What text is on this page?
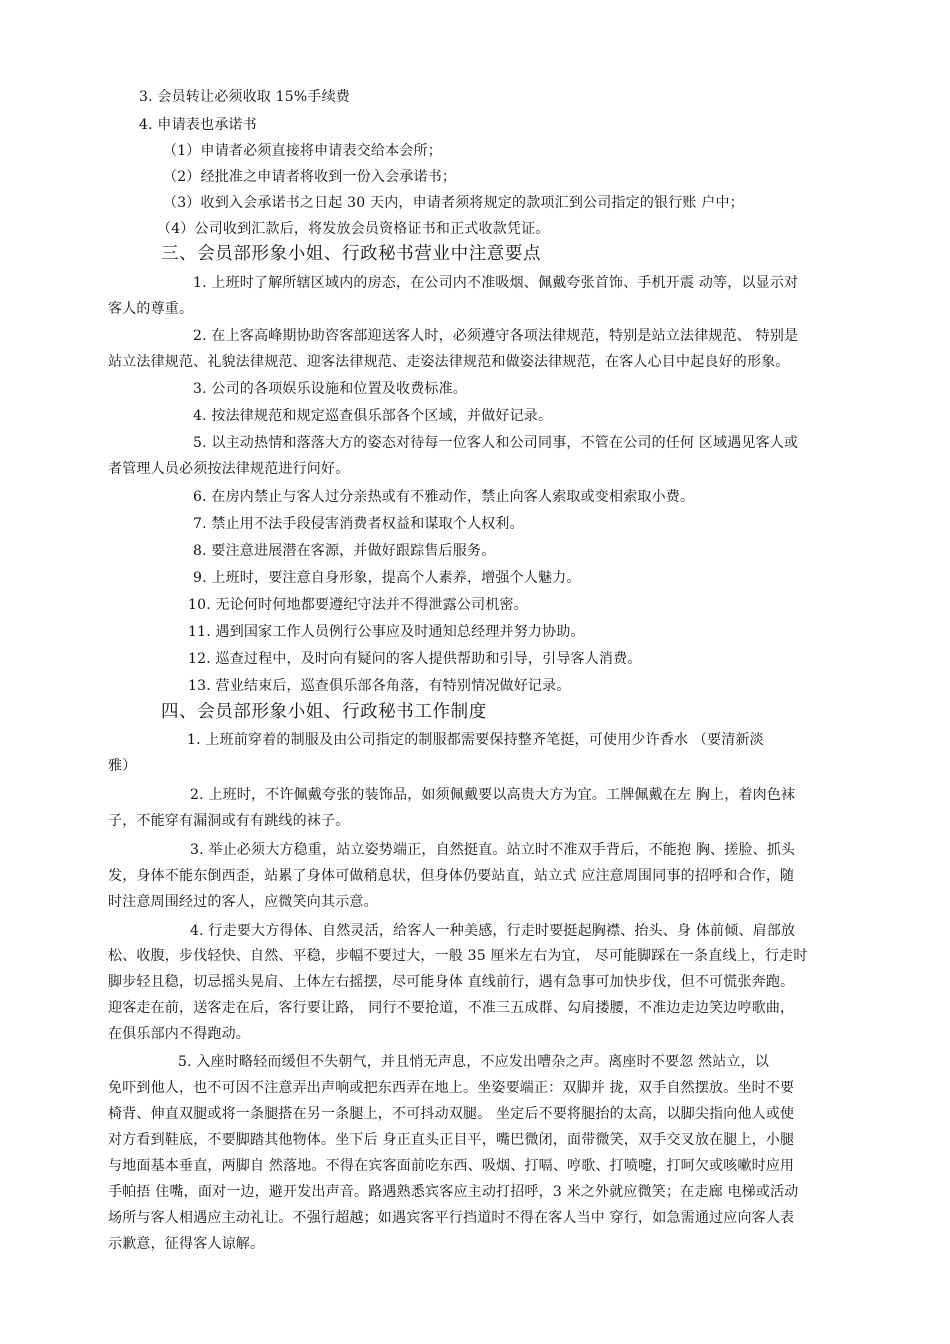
3. 会员转让必须收取 15%手续费
4. 申请表也承诺书
（1）申请者必须直接将申请表交给本会所；
（2）经批准之申请者将收到一份入会承诺书；
（3）收到入会承诺书之日起 30 天内，申请者须将规定的款项汇到公司指定的银行账 户中；
（4）公司收到汇款后，将发放会员资格证书和正式收款凭证。
三、会员部形象小姐、行政秘书营业中注意要点
1. 上班时了解所辖区域内的房态，在公司内不准吸烟、佩戴夸张首饰、手机开震 动等，以显示对
客人的尊重。
2. 在上客高峰期协助咨客部迎送客人时，必须遵守各项法律规范，特别是站立法律规范、 特别是
站立法律规范、礼貌法律规范、迎客法律规范、走姿法律规范和做姿法律规范，在客人心目中起良好的形象。
3. 公司的各项娱乐设施和位置及收费标准。
4. 按法律规范和规定巡查俱乐部各个区域，并做好记录。
5. 以主动热情和落落大方的姿态对待每一位客人和公司同事，不管在公司的任何 区域遇见客人或
者管理人员必须按法律规范进行问好。
6. 在房内禁止与客人过分亲热或有不雅动作，禁止向客人索取或变相索取小费。
7. 禁止用不法手段侵害消费者权益和谋取个人权利。
8. 要注意进展潜在客源，并做好跟踪售后服务。
9. 上班时，要注意自身形象，提高个人素养，增强个人魅力。
10. 无论何时何地都要遵纪守法并不得泄露公司机密。
11. 遇到国家工作人员例行公事应及时通知总经理并努力协助。
12. 巡查过程中，及时向有疑问的客人提供帮助和引导，引导客人消费。
13. 营业结束后，巡查俱乐部各角落，有特别情况做好记录。
四、会员部形象小姐、行政秘书工作制度
1. 上班前穿着的制服及由公司指定的制服都需要保持整齐笔挺，可使用少许香水 （要清新淡
雅）
2. 上班时，不许佩戴夸张的装饰品，如须佩戴要以高贵大方为宜。工牌佩戴在左 胸上，着肉色袜
子，不能穿有漏洞或有有跳线的袜子。
3. 举止必须大方稳重，站立姿势端正，自然挺直。站立时不准双手背后，不能抱 胸、搓脸、抓头
发，身体不能东倒西歪，站累了身体可做稍息状，但身体仍要站直，站立式 应注意周围同事的招呼和合作，随
时注意周围经过的客人，应微笑向其示意。
4. 行走要大方得体、自然灵活，给客人一种美感，行走时要挺起胸襟、抬头、身 体前倾、肩部放
松、收腹，步伐轻快、自然、平稳，步幅不要过大，一般 35 厘米左右为宜， 尽可能脚踩在一条直线上，行走时
脚步轻且稳，切忌摇头晃肩、上体左右摇摆，尽可能身体 直线前行，遇有急事可加快步伐，但不可慌张奔跑。
迎客走在前，送客走在后，客行要让路， 同行不要抢道，不准三五成群、勾肩搂腰，不准边走边笑边哼歌曲，
在俱乐部内不得跑动。
5. 入座时略轻而缓但不失朝气，并且悄无声息，不应发出嘈杂之声。离座时不要忽 然站立，以
免吓到他人，也不可因不注意弄出声响或把东西弄在地上。坐姿要端正：双脚并 拢，双手自然摆放。坐时不要
椅背、伸直双腿或将一条腿搭在另一条腿上，不可抖动双腿。 坐定后不要将腿抬的太高，以脚尖指向他人或使
对方看到鞋底，不要脚踏其他物体。坐下后 身正直头正目平，嘴巴微闭，面带微笑，双手交叉放在腿上，小腿
与地面基本垂直，两脚自 然落地。不得在宾客面前吃东西、吸烟、打嗝、哼歌、打喷嚏，打呵欠或咳嗽时应用
手帕捂 住嘴，面对一边，避开发出声音。路遇熟悉宾客应主动打招呼，3 米之外就应微笑；在走廊 电梯或活动
场所与客人相遇应主动礼让。不强行超越；如遇宾客平行挡道时不得在客人当中 穿行，如急需通过应向客人表
示歉意，征得客人谅解。
